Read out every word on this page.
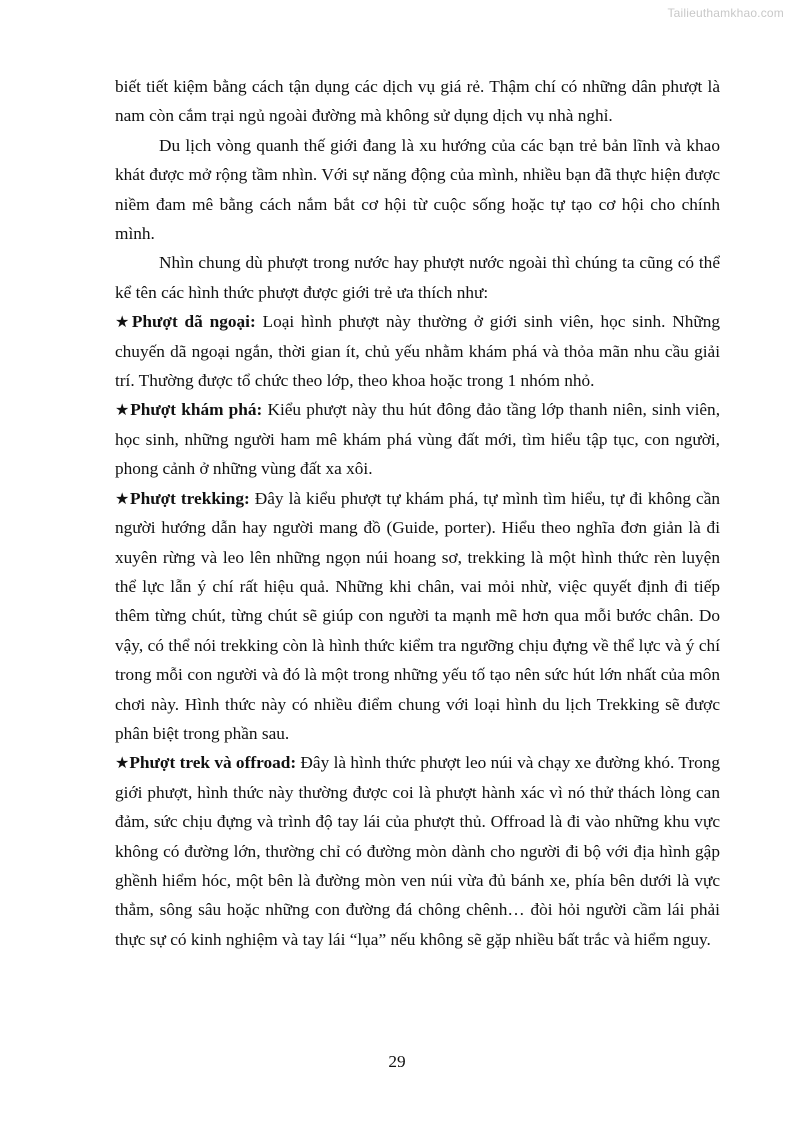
Tailieuthamkhao.com

biết tiết kiệm bằng cách tận dụng các dịch vụ giá rẻ. Thậm chí có những dân phượt là nam còn cắm trại ngủ ngoài đường mà không sử dụng dịch vụ nhà nghỉ.

Du lịch vòng quanh thế giới đang là xu hướng của các bạn trẻ bản lĩnh và khao khát được mở rộng tầm nhìn. Với sự năng động của mình, nhiều bạn đã thực hiện được niềm đam mê bằng cách nắm bắt cơ hội từ cuộc sống hoặc tự tạo cơ hội cho chính mình.

Nhìn chung dù phượt trong nước hay phượt nước ngoài thì chúng ta cũng có thể kể tên các hình thức phượt được giới trẻ ưa thích như:

★Phượt dã ngoại: Loại hình phượt này thường ở giới sinh viên, học sinh. Những chuyến dã ngoại ngắn, thời gian ít, chủ yếu nhằm khám phá và thỏa mãn nhu cầu giải trí. Thường được tổ chức theo lớp, theo khoa hoặc trong 1 nhóm nhỏ.

★Phượt khám phá: Kiểu phượt này thu hút đông đảo tầng lớp thanh niên, sinh viên, học sinh, những người ham mê khám phá vùng đất mới, tìm hiểu tập tục, con người, phong cảnh ở những vùng đất xa xôi.

★Phượt trekking: Đây là kiểu phượt tự khám phá, tự mình tìm hiểu, tự đi không cần người hướng dẫn hay người mang đồ (Guide, porter). Hiểu theo nghĩa đơn giản là đi xuyên rừng và leo lên những ngọn núi hoang sơ, trekking là một hình thức rèn luyện thể lực lẫn ý chí rất hiệu quả. Những khi chân, vai mỏi nhừ, việc quyết định đi tiếp thêm từng chút, từng chút sẽ giúp con người ta mạnh mẽ hơn qua mỗi bước chân. Do vậy, có thể nói trekking còn là hình thức kiểm tra ngưỡng chịu đựng về thể lực và ý chí trong mỗi con người và đó là một trong những yếu tố tạo nên sức hút lớn nhất của môn chơi này. Hình thức này có nhiều điểm chung với loại hình du lịch Trekking sẽ được phân biệt trong phần sau.

★Phượt trek và offroad: Đây là hình thức phượt leo núi và chạy xe đường khó. Trong giới phượt, hình thức này thường được coi là phượt hành xác vì nó thử thách lòng can đảm, sức chịu đựng và trình độ tay lái của phượt thủ. Offroad là đi vào những khu vực không có đường lớn, thường chỉ có đường mòn dành cho người đi bộ với địa hình gập ghềnh hiểm hóc, một bên là đường mòn ven núi vừa đủ bánh xe, phía bên dưới là vực thẳm, sông sâu hoặc những con đường đá chông chênh… đòi hỏi người cầm lái phải thực sự có kinh nghiệm và tay lái “lụa” nếu không sẽ gặp nhiều bất trắc và hiểm nguy.

29
